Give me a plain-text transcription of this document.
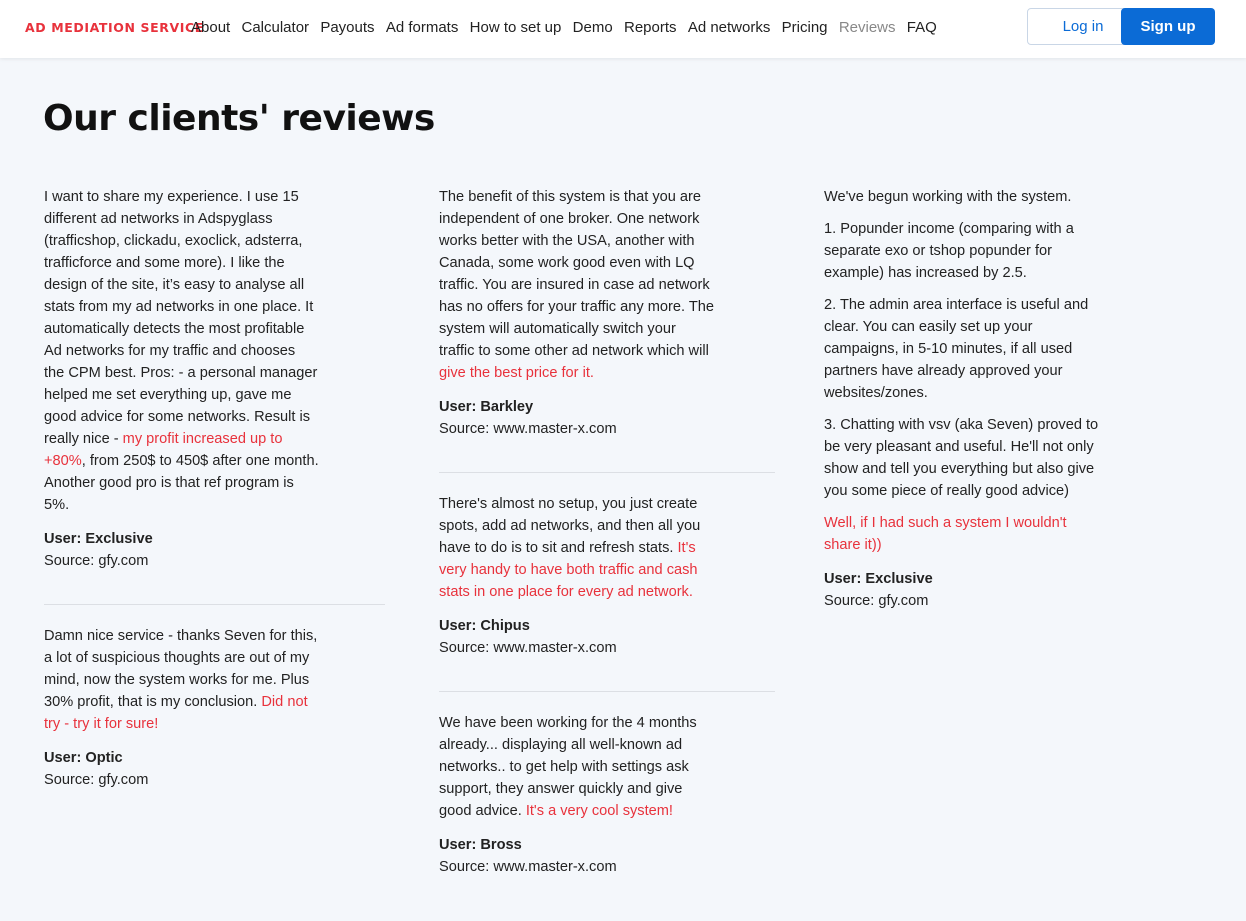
AD MEDIATION SERVICE
About Calculator Payouts Ad formats How to set up Demo Reports Ad networks Pricing Reviews FAQ	Log in	Sign up
Our clients' reviews

I want to share my experience. I use 15 different ad networks in Adspyglass (trafficshop, clickadu, exoclick, adsterra, trafficforce and some more). I like the design of the site, it’s easy to analyse all stats from my ad networks in one place. It automatically detects the most profitable Ad networks for my traffic and chooses the CPM best. Pros: - a personal manager helped me set everything up, gave me good advice for some networks. Result is really nice - my profit increased up to +80%, from 250$ to 450$ after one month. Another good pro is that ref program is 5%.

User: Exclusive

Source: gfy.com

Damn nice service - thanks Seven for this, a lot of suspicious thoughts are out of my mind, now the system works for me. Plus 30% profit, that is my conclusion. Did not try - try it for sure!

User: Optic

Source: gfy.com

The benefit of this system is that you are independent of one broker. One network works better with the USA, another with Canada, some work good even with LQ traffic. You are insured in case ad network has no offers for your traffic any more. The system will automatically switch your traffic to some other ad network which will give the best price for it.

User: Barkley

Source: www.master-x.com

There's almost no setup, you just create spots, add ad networks, and then all you have to do is to sit and refresh stats. It's very handy to have both traffic and cash stats in one place for every ad network.

User: Chipus

Source: www.master-x.com

We have been working for the 4 months already... displaying all well-known ad networks.. to get help with settings ask support, they answer quickly and give good advice. It's a very cool system!

User: Bross

Source: www.master-x.com

We've begun working with the system.

1. Popunder income (comparing with a separate exo or tshop popunder for example) has increased by 2.5.

2. The admin area interface is useful and clear. You can easily set up your campaigns, in 5-10 minutes, if all used partners have already approved your websites/zones.

3. Chatting with vsv (aka Seven) proved to be very pleasant and useful. He'll not only show and tell you everything but also give you some piece of really good advice)

Well, if I had such a system I wouldn't share it))

User: Exclusive

Source: gfy.com
